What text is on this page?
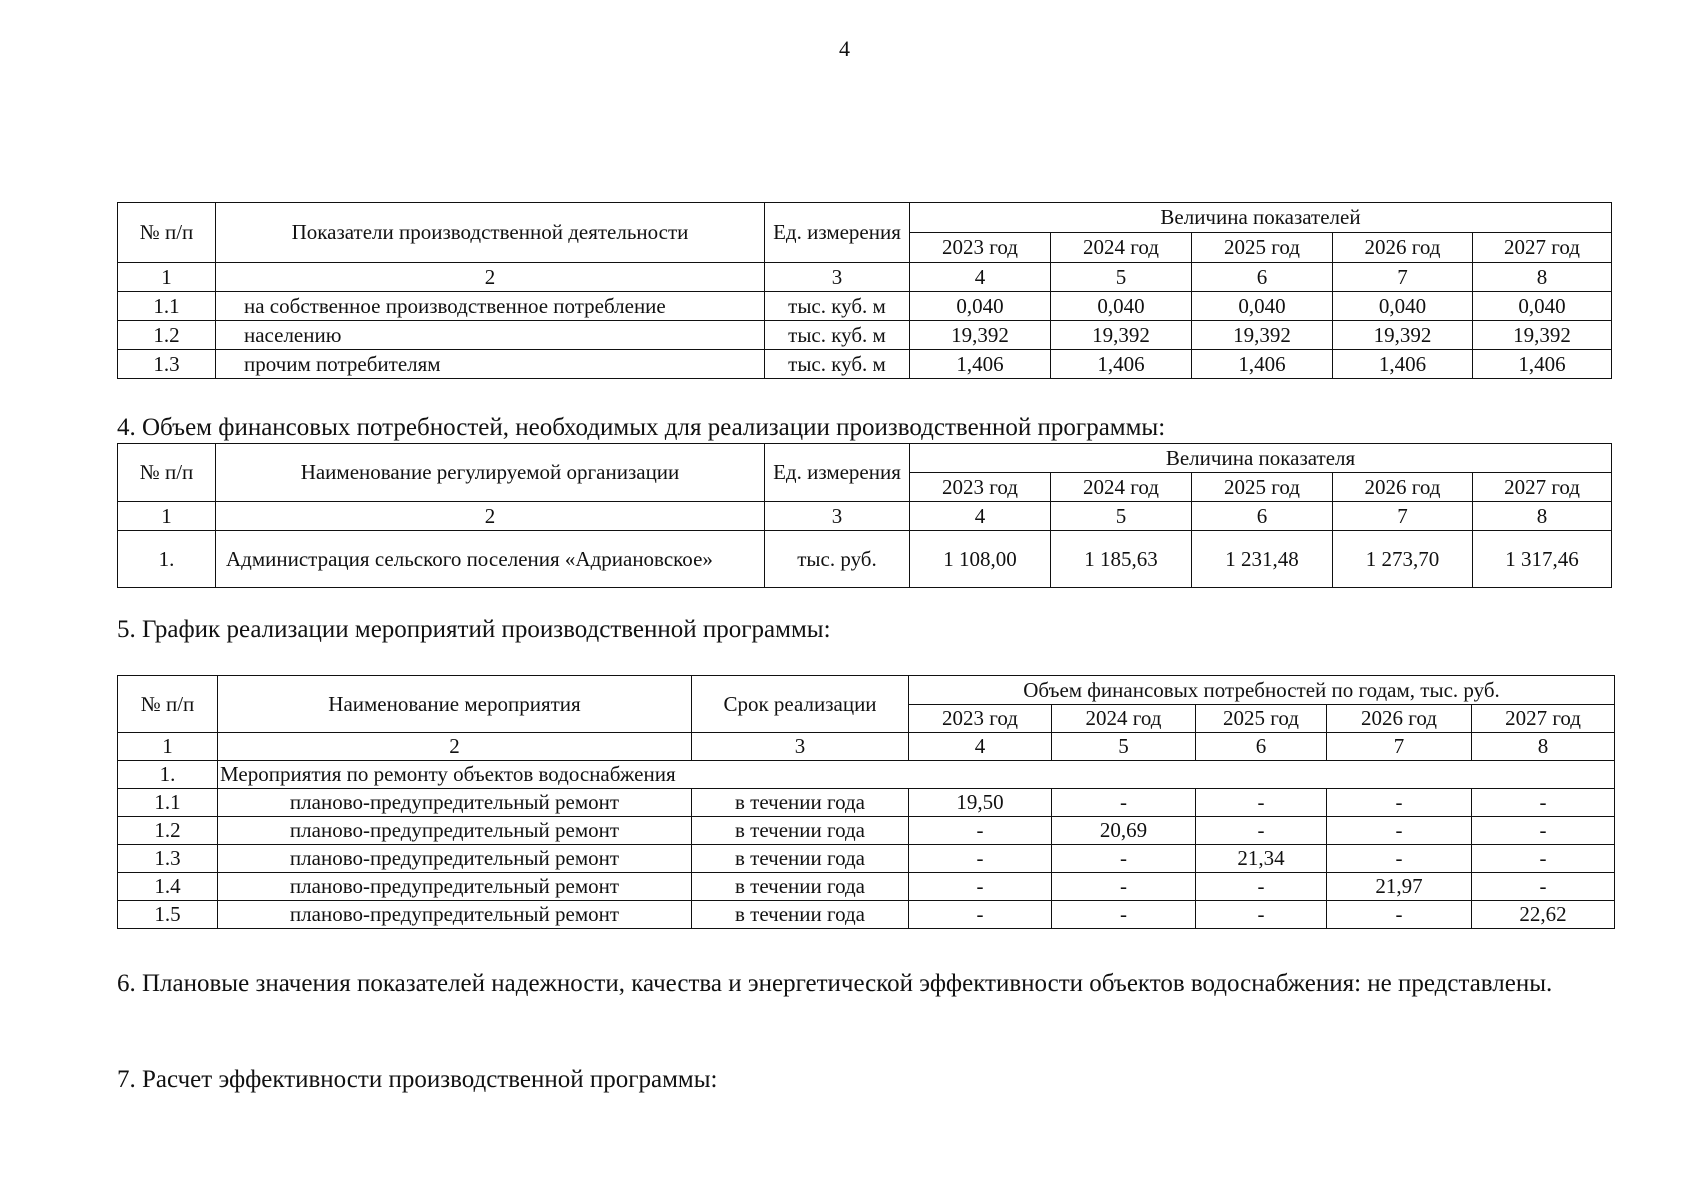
4
№ п/п	Показатели производственной деятельности	Ед. измерения	Величина показателей				
			2023 год	2024 год	2025 год	2026 год	2027 год
1	2	3	4	5	6	7	8
1.1	на собственное производственное потребление	тыс. куб. м	0,040	0,040	0,040	0,040	0,040
1.2	населению	тыс. куб. м	19,392	19,392	19,392	19,392	19,392
1.3	прочим потребителям	тыс. куб. м	1,406	1,406	1,406	1,406	1,406
4. Объем финансовых потребностей, необходимых для реализации производственной программы:
№ п/п	Наименование регулируемой организации	Ед. измерения	Величина показателя				
			2023 год	2024 год	2025 год	2026 год	2027 год
1	2	3	4	5	6	7	8
1.	Администрация сельского поселения «Адриановское»	тыс. руб.	1 108,00	1 185,63	1 231,48	1 273,70	1 317,46
5. График реализации мероприятий производственной программы:
№ п/п	Наименование мероприятия	Срок реализации	Объем финансовых потребностей по годам, тыс. руб.				
			2023 год	2024 год	2025 год	2026 год	2027 год
1	2	3	4	5	6	7	8
1.	Мероприятия по ремонту объектов водоснабжения						
1.1	планово-предупредительный ремонт	в течении года	19,50	-	-	-	-
1.2	планово-предупредительный ремонт	в течении года	-	20,69	-	-	-
1.3	планово-предупредительный ремонт	в течении года	-	-	21,34	-	-
1.4	планово-предупредительный ремонт	в течении года	-	-	-	21,97	-
1.5	планово-предупредительный ремонт	в течении года	-	-	-	-	22,62
6. Плановые значения показателей надежности, качества и энергетической эффективности объектов водоснабжения: не представлены.
7. Расчет эффективности производственной программы:
